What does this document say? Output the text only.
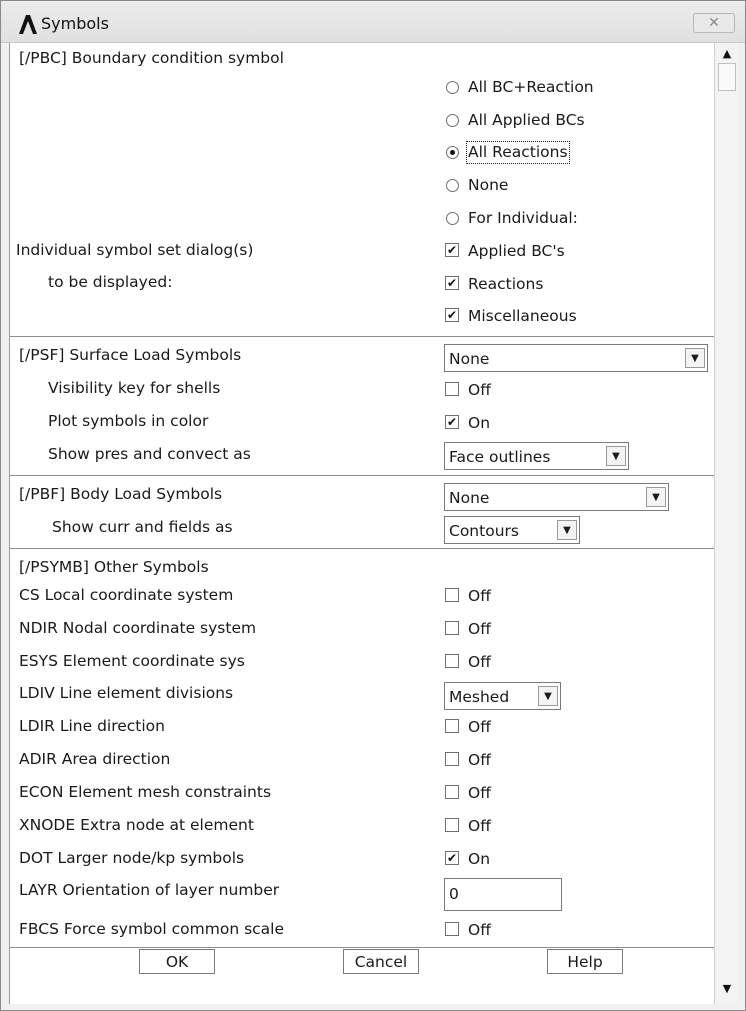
Symbols	✕
[/PBC] Boundary condition symbol
All BC+Reaction
All Applied BCs
All Reactions
None
For Individual:
Individual symbol set dialog(s)
to be displayed:
✔ Applied BC's
✔ Reactions
✔ Miscellaneous
[/PSF] Surface Load Symbols	None	▼
Visibility key for shells	Off
Plot symbols in color	✔ On
Show pres and convect as	Face outlines	▼
[/PBF] Body Load Symbols	None	▼
Show curr and fields as	Contours	▼
[/PSYMB] Other Symbols
CS Local coordinate system	Off
NDIR Nodal coordinate system	Off
ESYS Element coordinate sys	Off
LDIV Line element divisions	Meshed	▼
LDIR Line direction	Off
ADIR Area direction	Off
ECON Element mesh constraints	Off
XNODE Extra node at element	Off
DOT Larger node/kp symbols	✔ On
LAYR Orientation of layer number	0
FBCS Force symbol common scale	Off
OK	Cancel	Help
▲
▼
